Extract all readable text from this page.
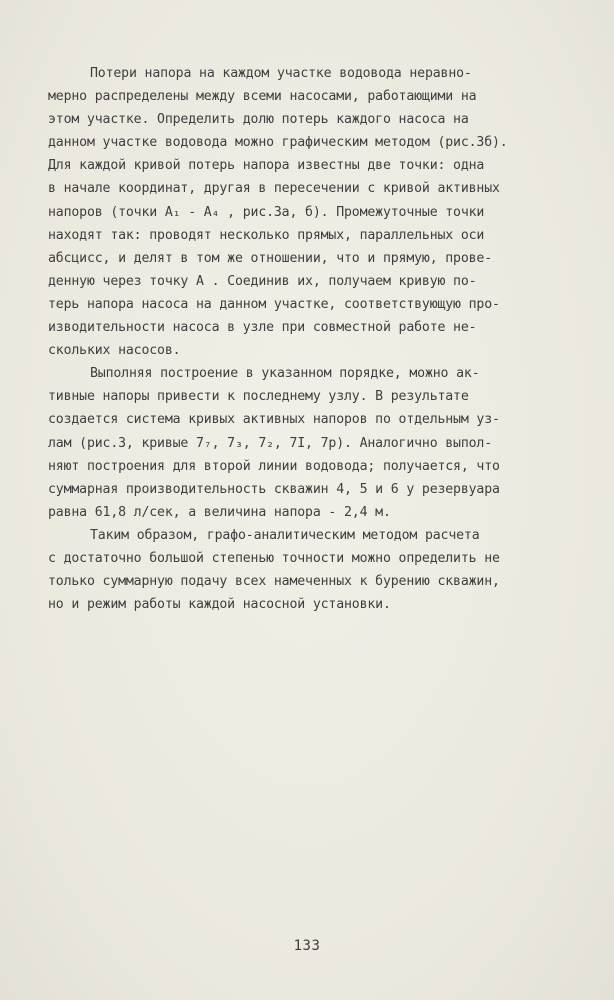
Потери напора на каждом участке водовода неравно-
мерно распределены между всеми насосами, работающими на
этом участке. Определить долю потерь каждого насоса на
данном участке водовода можно графическим методом (рис.3б).
Для каждой кривой потерь напора известны две точки: одна
в начале координат, другая в пересечении с кривой активных
напоров (точки А₁ - А₄ , рис.3а, б). Промежуточные точки
находят так: проводят несколько прямых, параллельных оси
абсцисс, и делят в том же отношении, что и прямую, прове-
денную через точку А . Соединив их, получаем кривую по-
терь напора насоса на данном участке, соответствующую про-
изводительности насоса в узле при совместной работе не-
скольких насосов.
Выполняя построение в указанном порядке, можно ак-
тивные напоры привести к последнему узлу. В результате
создается система кривых активных напоров по отдельным уз-
лам (рис.3, кривые 7₇, 7₃, 7₂, 7I, 7p). Аналогично выпол-
няют построения для второй линии водовода; получается, что
суммарная производительность скважин 4, 5 и 6 у резервуара
равна 61,8 л/сек, а величина напора - 2,4 м.
Таким образом, графо-аналитическим методом расчета
с достаточно большой степенью точности можно определить не
только суммарную подачу всех намеченных к бурению скважин,
но и режим работы каждой насосной установки.
133
